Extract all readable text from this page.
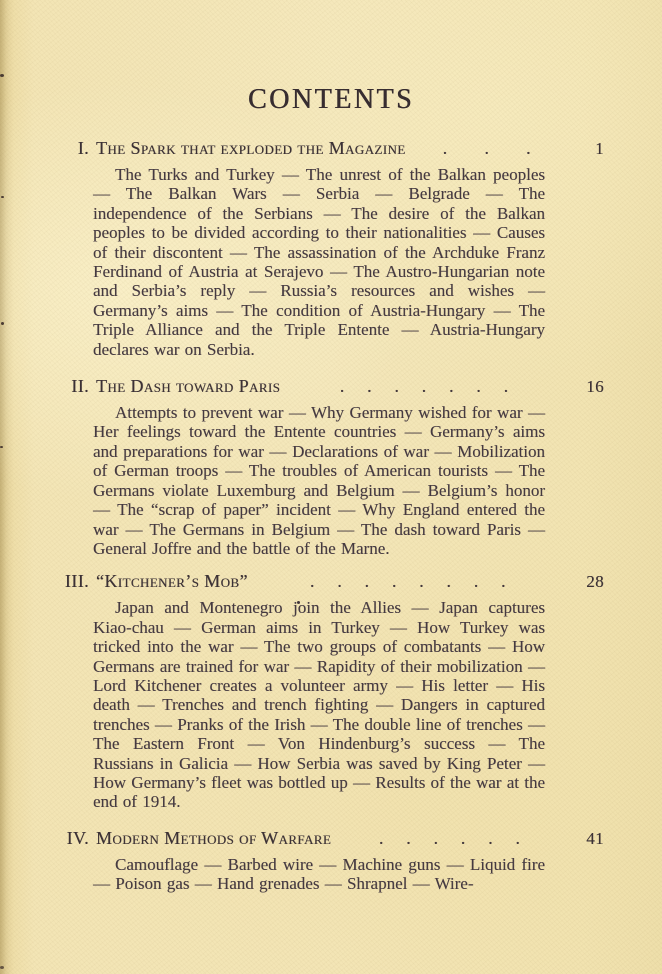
CONTENTS
I. The Spark that exploded the Magazine	.  .  .	1
The Turks and Turkey — The unrest of the Balkan peoples — The Balkan Wars — Serbia — Belgrade — The independence of the Serbians — The desire of the Balkan peoples to be divided according to their nationalities — Causes of their discontent — The assassination of the Archduke Franz Ferdinand of Austria at Serajevo — The Austro-Hungarian note and Serbia’s reply — Russia’s resources and wishes — Germany’s aims — The condition of Austria-Hungary — The Triple Alliance and the Triple Entente — Austria-Hungary declares war on Serbia.
II. The Dash toward Paris	.  .  .  .  .  .  .	16
Attempts to prevent war — Why Germany wished for war — Her feelings toward the Entente countries — Germany’s aims and preparations for war — Declarations of war — Mobilization of German troops — The troubles of American tourists — The Germans violate Luxemburg and Belgium — Belgium’s honor — The “scrap of paper” incident — Why England entered the war — The Germans in Belgium — The dash toward Paris — General Joffre and the battle of the Marne.
III. “Kitchener’s Mob”	.  .  .  .  .  .  .  .	28
Japan and Montenegro join the Allies — Japan captures Kiao-chau — German aims in Turkey — How Turkey was tricked into the war — The two groups of combatants — How Germans are trained for war — Rapidity of their mobilization — Lord Kitchener creates a volunteer army — His letter — His death — Trenches and trench fighting — Dangers in captured trenches — Pranks of the Irish — The double line of trenches — The Eastern Front — Von Hindenburg’s success — The Russians in Galicia — How Serbia was saved by King Peter — How Germany’s fleet was bottled up — Results of the war at the end of 1914.
IV. Modern Methods of Warfare	.  .  .  .  .  .	41
Camouflage — Barbed wire — Machine guns — Liquid fire — Poison gas — Hand grenades — Shrapnel — Wire-
